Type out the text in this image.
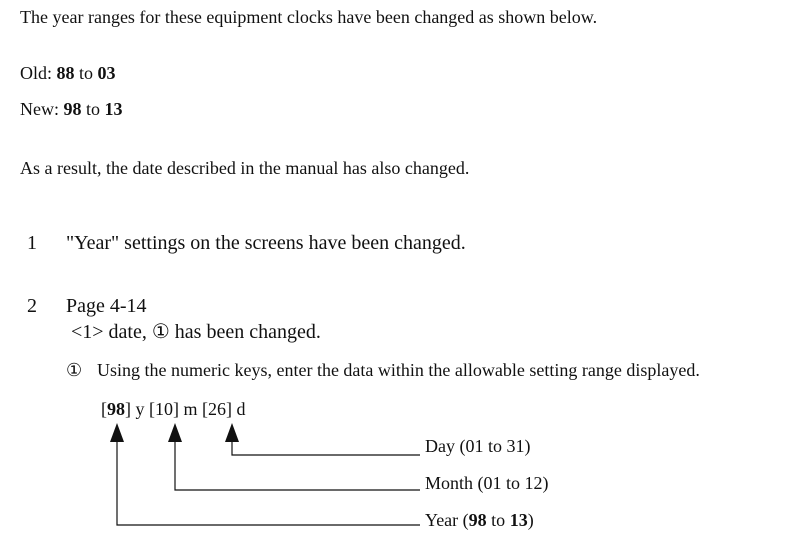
The year ranges for these equipment clocks have been changed as shown below.
Old: 88 to 03
New: 98 to 13
As a result, the date described in the manual has also changed.
1 "Year" settings on the screens have been changed.
2 Page 4-14
<1> date, ① has been changed.
① Using the numeric keys, enter the data within the allowable setting range displayed.
[98] y [10] m [26] d
Day (01 to 31)
Month (01 to 12)
Year (98 to 13)
